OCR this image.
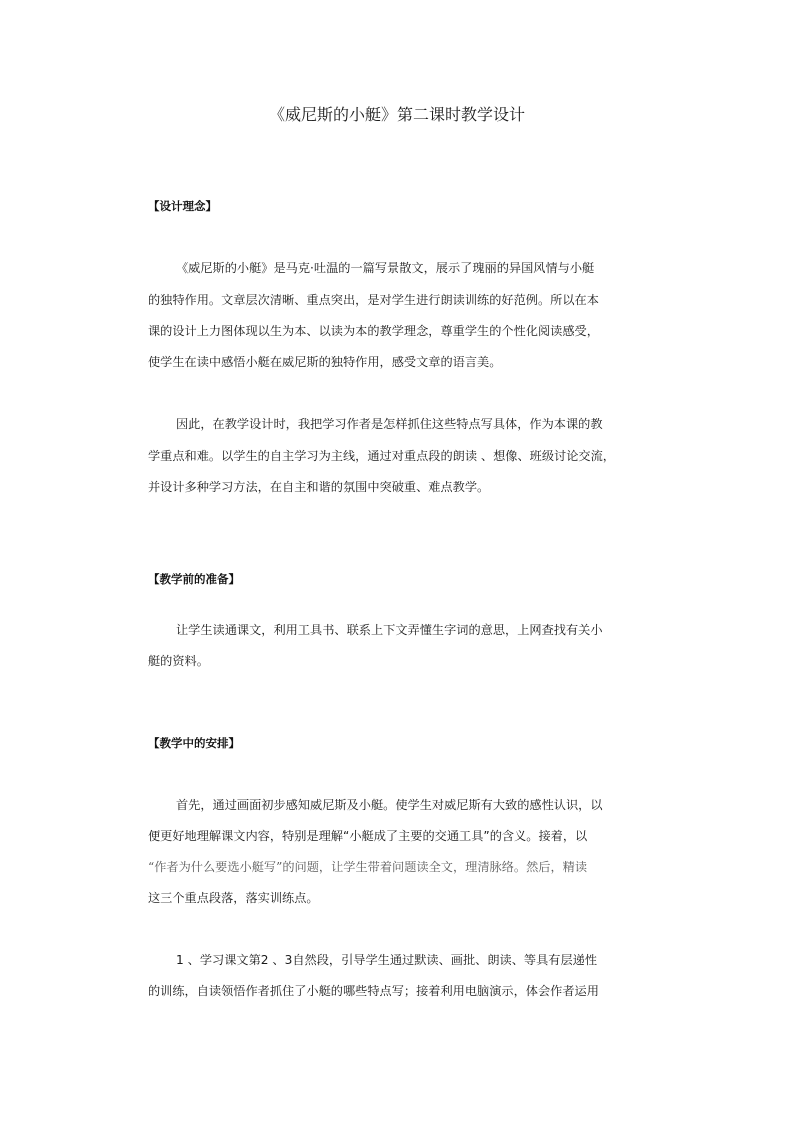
《威尼斯的小艇》第二课时教学设计
【设计理念】
《威尼斯的小艇》是马克·吐温的一篇写景散文，展示了瑰丽的异国风情与小艇
的独特作用。文章层次清晰、重点突出，是对学生进行朗读训练的好范例。所以在本
课的设计上力图体现以生为本、以读为本的教学理念，尊重学生的个性化阅读感受，
使学生在读中感悟小艇在威尼斯的独特作用，感受文章的语言美。
因此，在教学设计时，我把学习作者是怎样抓住这些特点写具体，作为本课的教
学重点和难。以学生的自主学习为主线，通过对重点段的朗读 、想像、班级讨论交流，
并设计多种学习方法，在自主和谐的氛围中突破重、难点教学。
【教学前的准备】
让学生读通课文，利用工具书、联系上下文弄懂生字词的意思，上网查找有关小
艇的资料。
【教学中的安排】
首先，通过画面初步感知威尼斯及小艇。使学生对威尼斯有大致的感性认识，以
便更好地理解课文内容，特别是理解“小艇成了主要的交通工具”的含义。接着，以
“作者为什么要选小艇写”的问题，让学生带着问题读全文，理清脉络。然后，精读
这三个重点段落，落实训练点。
1 、学习课文第2 、3自然段，引导学生通过默读、画批、朗读、等具有层递性
的训练，自读领悟作者抓住了小艇的哪些特点写；接着利用电脑演示，体会作者运用
